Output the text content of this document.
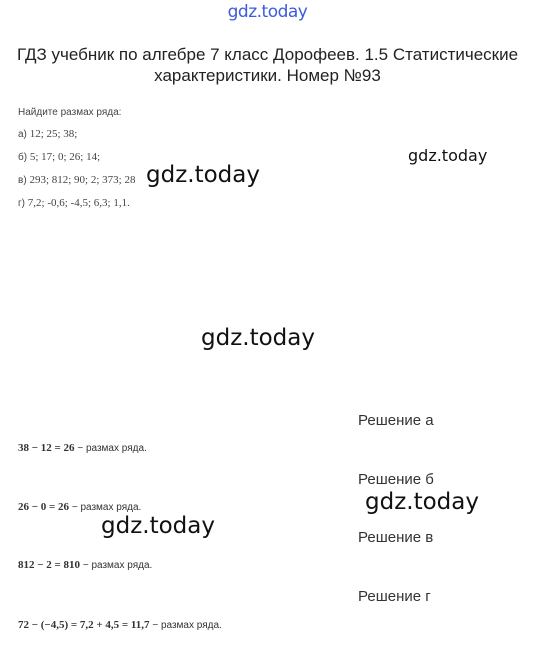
gdz.today
ГДЗ учебник по алгебре 7 класс Дорофеев. 1.5 Статистические характеристики. Номер №93
Найдите размах ряда:
а) 12; 25; 38;
б) 5; 17; 0; 26; 14;
в) 293; 812; 90; 2; 373; 28
г) 7,2; -0,6; -4,5; 6,3; 1,1.
gdz.today
gdz.today
gdz.today
gdz.today
gdz.today
Решение а
38 − 12 = 26 − размах ряда.
Решение б
26 − 0 = 26 − размах ряда.
Решение в
812 − 2 = 810 − размах ряда.
Решение г
72 − (−4,5) = 7,2 + 4,5 = 11,7 − размах ряда.
